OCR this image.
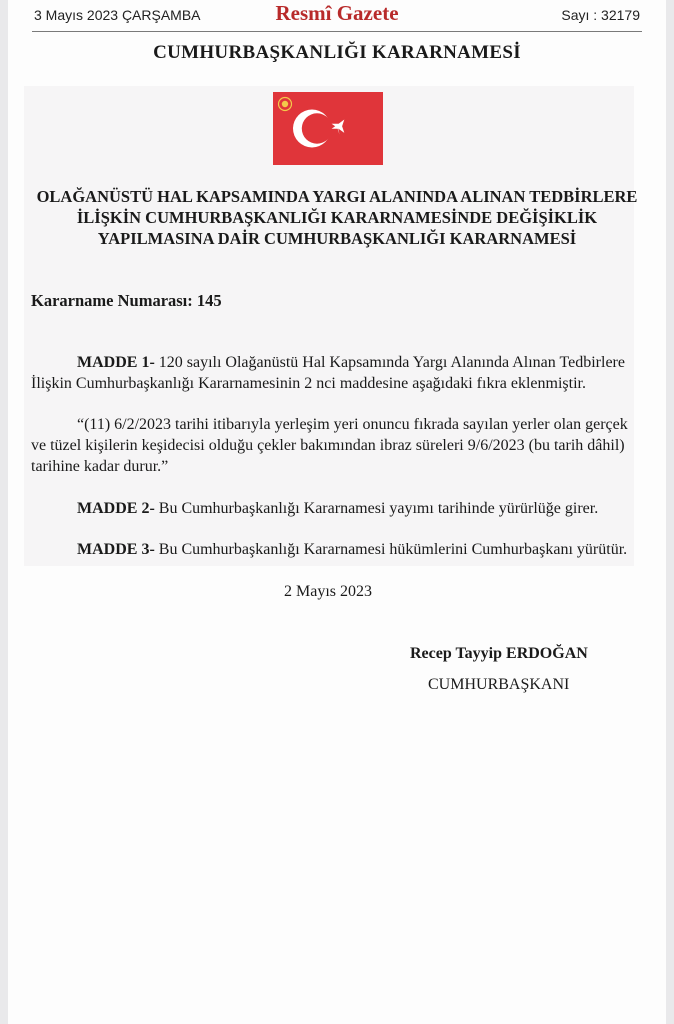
3 Mayıs 2023 ÇARŞAMBA	Resmî Gazete	Sayı : 32179
CUMHURBAŞKANLIĞI KARARNAMESİ
OLAĞANÜSTÜ HAL KAPSAMINDA YARGI ALANINDA ALINAN TEDBİRLERE
İLİŞKİN CUMHURBAŞKANLIĞI KARARNAMESİNDE DEĞİŞİKLİK
YAPILMASINA DAİR CUMHURBAŞKANLIĞI KARARNAMESİ
Kararname Numarası: 145
MADDE 1- 120 sayılı Olağanüstü Hal Kapsamında Yargı Alanında Alınan Tedbirlere
İlişkin Cumhurbaşkanlığı Kararnamesinin 2 nci maddesine aşağıdaki fıkra eklenmiştir.
“(11) 6/2/2023 tarihi itibarıyla yerleşim yeri onuncu fıkrada sayılan yerler olan gerçek
ve tüzel kişilerin keşidecisi olduğu çekler bakımından ibraz süreleri 9/6/2023 (bu tarih dâhil)
tarihine kadar durur.”
MADDE 2- Bu Cumhurbaşkanlığı Kararnamesi yayımı tarihinde yürürlüğe girer.
MADDE 3- Bu Cumhurbaşkanlığı Kararnamesi hükümlerini Cumhurbaşkanı yürütür.
2 Mayıs 2023
Recep Tayyip ERDOĞAN
CUMHURBAŞKANI
